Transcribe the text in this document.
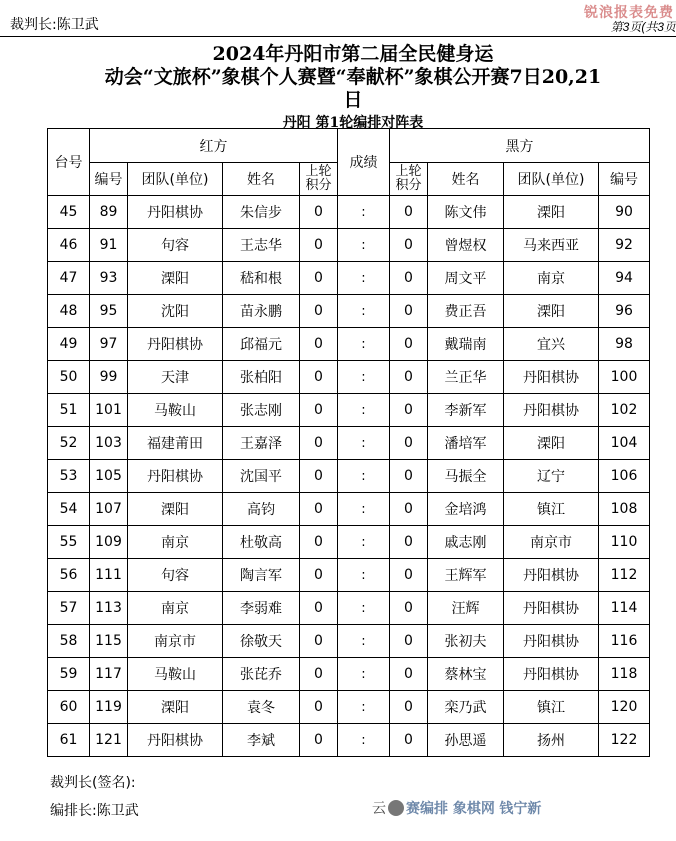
锐浪报表免费
裁判长:陈卫武	第3页(共3页
2024年丹阳市第二届全民健身运
动会“文旅杯”象棋个人赛暨“奉献杯”象棋公开赛7日20,21
日
丹阳 第1轮编排对阵表
台号	红方				成绩	黑方			
	编号	团队(单位)	姓名	上轮积分		上轮积分	姓名	团队(单位)	编号
45	89	丹阳棋协	朱信步	0	:	0	陈文伟	溧阳	90
46	91	句容	王志华	0	:	0	曾煜权	马来西亚	92
47	93	溧阳	嵇和根	0	:	0	周文平	南京	94
48	95	沈阳	苗永鹏	0	:	0	费正吾	溧阳	96
49	97	丹阳棋协	邱福元	0	:	0	戴瑞南	宜兴	98
50	99	天津	张柏阳	0	:	0	兰正华	丹阳棋协	100
51	101	马鞍山	张志刚	0	:	0	李新军	丹阳棋协	102
52	103	福建莆田	王嘉泽	0	:	0	潘培军	溧阳	104
53	105	丹阳棋协	沈国平	0	:	0	马振全	辽宁	106
54	107	溧阳	高钧	0	:	0	金培鸿	镇江	108
55	109	南京	杜敬高	0	:	0	戚志刚	南京市	110
56	111	句容	陶言军	0	:	0	王辉军	丹阳棋协	112
57	113	南京	李弱难	0	:	0	汪辉	丹阳棋协	114
58	115	南京市	徐敬天	0	:	0	张初夫	丹阳棋协	116
59	117	马鞍山	张芘乔	0	:	0	蔡林宝	丹阳棋协	118
60	119	溧阳	袁冬	0	:	0	栾乃武	镇江	120
61	121	丹阳棋协	李斌	0	:	0	孙思遥	扬州	122
裁判长(签名):
编排长:陈卫武	云 赛编排 象棋网 钱宁新
